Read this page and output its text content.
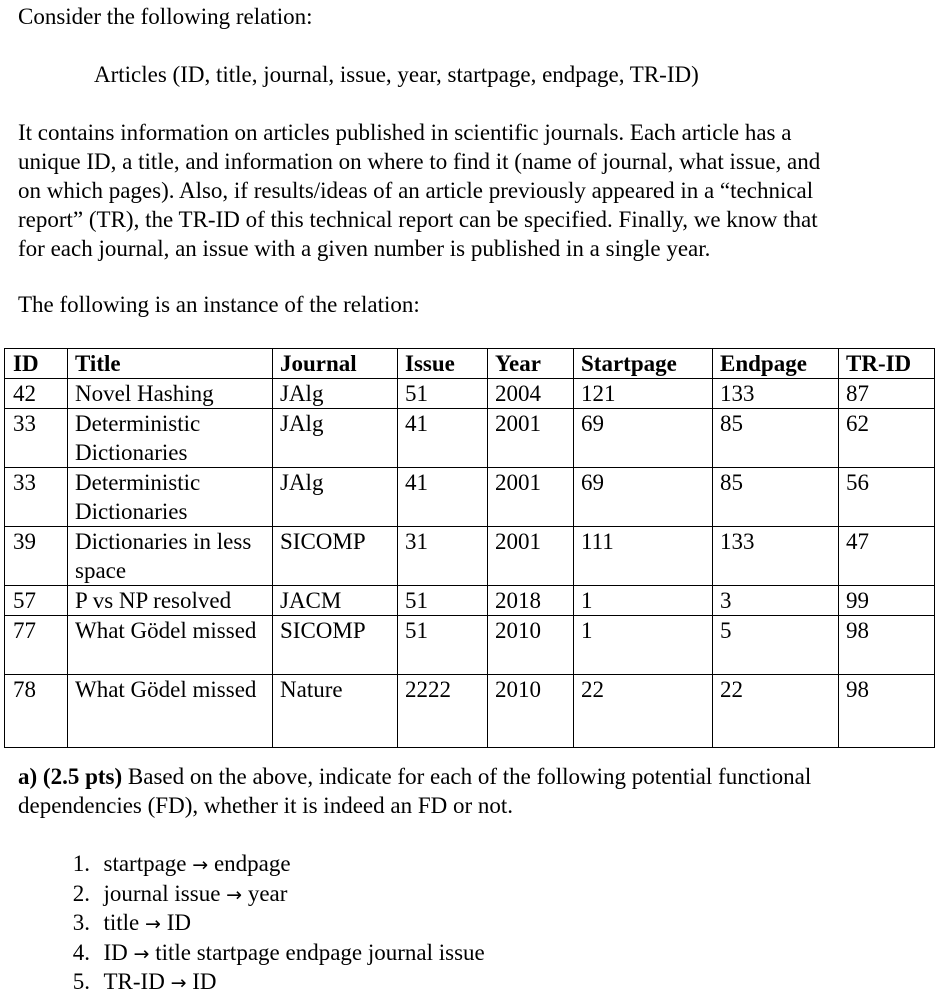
Consider the following relation:
Articles (ID, title, journal, issue, year, startpage, endpage, TR-ID)

It contains information on articles published in scientific journals. Each article has a

unique ID, a title, and information on where to find it (name of journal, what issue, and

on which pages). Also, if results/ideas of an article previously appeared in a “technical

report” (TR), the TR-ID of this technical report can be specified. Finally, we know that

for each journal, an issue with a given number is published in a single year.

The following is an instance of the relation:
ID	Title	Journal	Issue	Year	Startpage	Endpage	TR-ID
42	Novel Hashing	JAlg	51	2004	121	133	87
33	Deterministic Dictionaries	JAlg	41	2001	69	85	62
33	Deterministic Dictionaries	JAlg	41	2001	69	85	56
39	Dictionaries in less space	SICOMP	31	2001	111	133	47
57	P vs NP resolved	JACM	51	2018	1	3	99
77	What Gödel missed	SICOMP	51	2010	1	5	98
78	What Gödel missed	Nature	2222	2010	22	22	98

a) (2.5 pts) Based on the above, indicate for each of the following potential functional

dependencies (FD), whether it is indeed an FD or not.

1.  startpage → endpage
2.  journal issue → year
3.  title → ID
4.  ID → title startpage endpage journal issue
5.  TR-ID → ID
